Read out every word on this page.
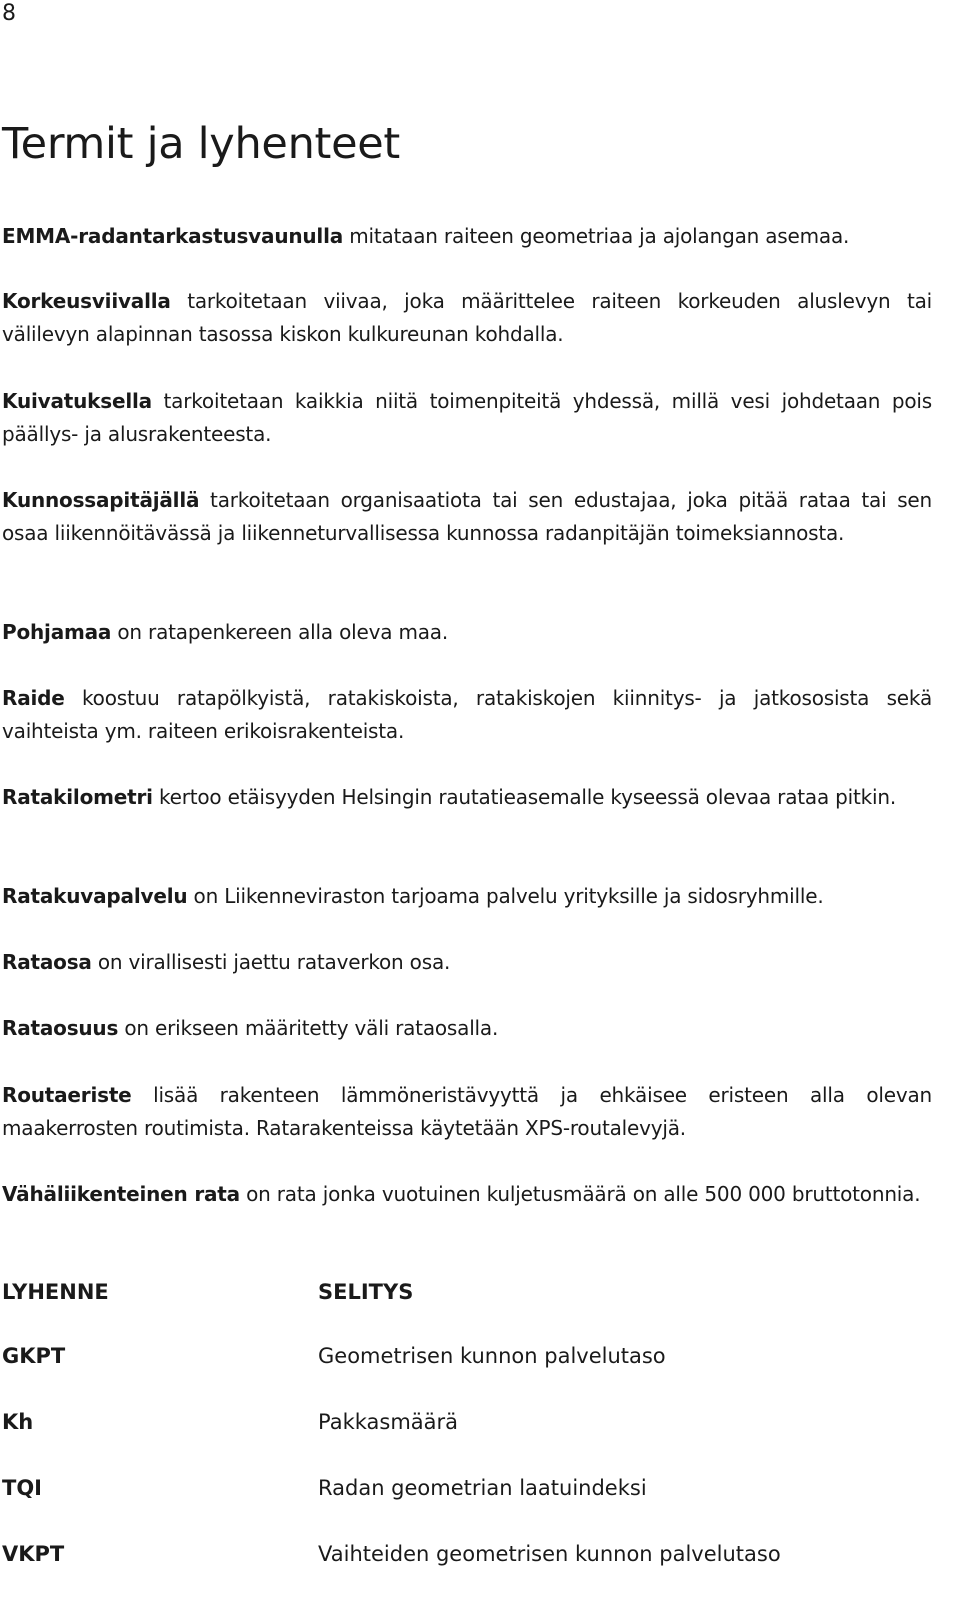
8
Termit ja lyhenteet

EMMA-radantarkastusvaunulla mitataan raiteen geometriaa ja ajolangan asemaa.

Korkeusviivalla tarkoitetaan viivaa, joka määrittelee raiteen korkeuden aluslevyn tai välilevyn alapinnan tasossa kiskon kulkureunan kohdalla.

Kuivatuksella tarkoitetaan kaikkia niitä toimenpiteitä yhdessä, millä vesi johdetaan pois päällys- ja alusrakenteesta.

Kunnossapitäjällä tarkoitetaan organisaatiota tai sen edustajaa, joka pitää rataa tai sen osaa liikennöitävässä ja liikenneturvallisessa kunnossa radanpitäjän toimeksiannosta.

Pohjamaa on ratapenkereen alla oleva maa.

Raide koostuu ratapölkyistä, ratakiskoista, ratakiskojen kiinnitys- ja jatkososista sekä vaihteista ym. raiteen erikoisrakenteista.

Ratakilometri kertoo etäisyyden Helsingin rautatieasemalle kyseessä olevaa rataa pitkin.

Ratakuvapalvelu on Liikenneviraston tarjoama palvelu yrityksille ja sidosryhmille.

Rataosa on virallisesti jaettu rataverkon osa.

Rataosuus on erikseen määritetty väli rataosalla.

Routaeriste lisää rakenteen lämmöneristävyyttä ja ehkäisee eristeen alla olevan maakerrosten routimista. Ratarakenteissa käytetään XPS-routalevyjä.

Vähäliikenteinen rata on rata jonka vuotuinen kuljetusmäärä on alle 500 000 bruttotonnia.

LYHENNE	SELITYS
GKPT	Geometrisen kunnon palvelutaso
Kh	Pakkasmäärä
TQI	Radan geometrian laatuindeksi
VKPT	Vaihteiden geometrisen kunnon palvelutaso
